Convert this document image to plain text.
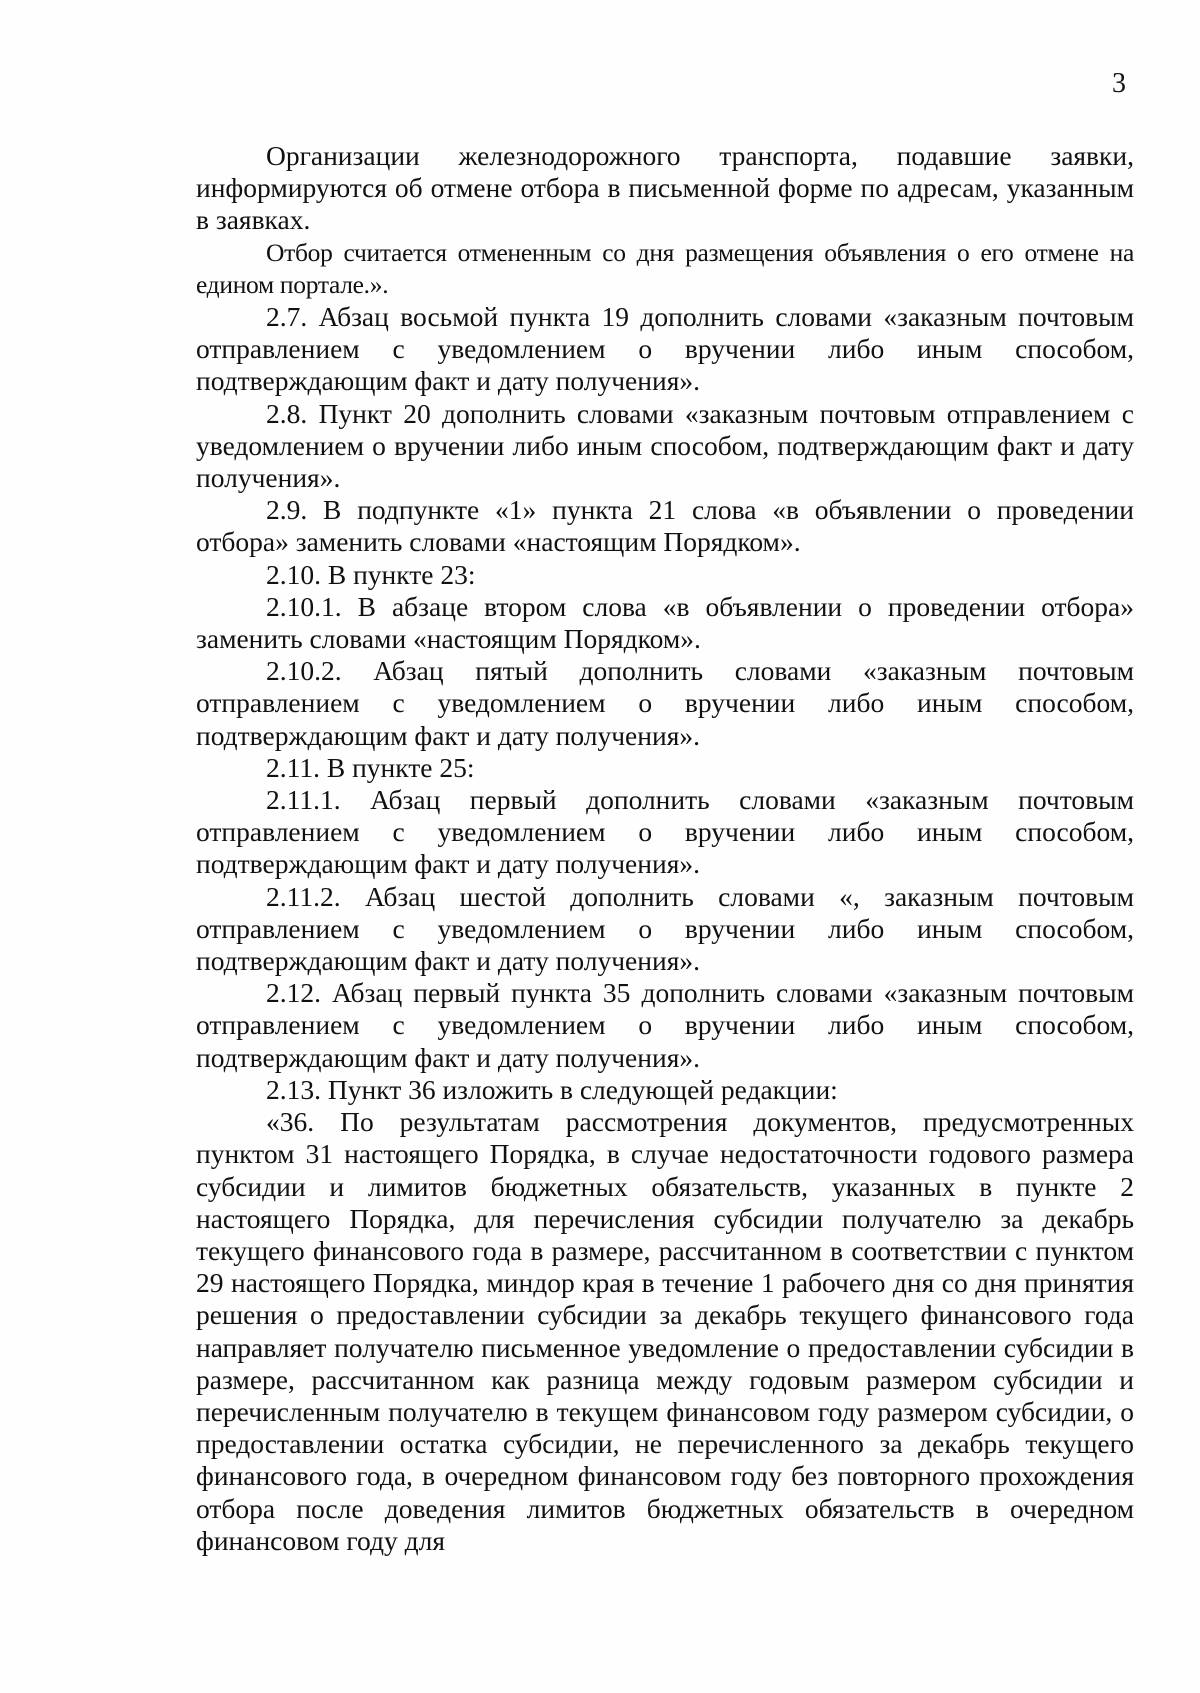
3

Организации железнодорожного транспорта, подавшие заявки, информируются об отмене отбора в письменной форме по адресам, указанным в заявках.

Отбор считается отмененным со дня размещения объявления о его отмене на едином портале.».

2.7. Абзац восьмой пункта 19 дополнить словами «заказным почтовым отправлением с уведомлением о вручении либо иным способом, подтверждающим факт и дату получения».

2.8. Пункт 20 дополнить словами «заказным почтовым отправлением с уведомлением о вручении либо иным способом, подтверждающим факт и дату получения».

2.9. В подпункте «1» пункта 21 слова «в объявлении о проведении отбора» заменить словами «настоящим Порядком».

2.10. В пункте 23:

2.10.1. В абзаце втором слова «в объявлении о проведении отбора» заменить словами «настоящим Порядком».

2.10.2. Абзац пятый дополнить словами «заказным почтовым отправлением с уведомлением о вручении либо иным способом, подтверждающим факт и дату получения».

2.11. В пункте 25:

2.11.1. Абзац первый дополнить словами «заказным почтовым отправлением с уведомлением о вручении либо иным способом, подтверждающим факт и дату получения».

2.11.2. Абзац шестой дополнить словами «, заказным почтовым отправлением с уведомлением о вручении либо иным способом, подтверждающим факт и дату получения».

2.12. Абзац первый пункта 35 дополнить словами «заказным почтовым отправлением с уведомлением о вручении либо иным способом, подтверждающим факт и дату получения».

2.13. Пункт 36 изложить в следующей редакции:

«36. По результатам рассмотрения документов, предусмотренных пунктом 31 настоящего Порядка, в случае недостаточности годового размера субсидии и лимитов бюджетных обязательств, указанных в пункте 2 настоящего Порядка, для перечисления субсидии получателю за декабрь текущего финансового года в размере, рассчитанном в соответствии с пунктом 29 настоящего Порядка, миндор края в течение 1 рабочего дня со дня принятия решения о предоставлении субсидии за декабрь текущего финансового года направляет получателю письменное уведомление о предоставлении субсидии в размере, рассчитанном как разница между годовым размером субсидии и перечисленным получателю в текущем финансовом году размером субсидии, о предоставлении остатка субсидии, не перечисленного за декабрь текущего финансового года, в очередном финансовом году без повторного прохождения отбора после доведения лимитов бюджетных обязательств в очередном финансовом году для
